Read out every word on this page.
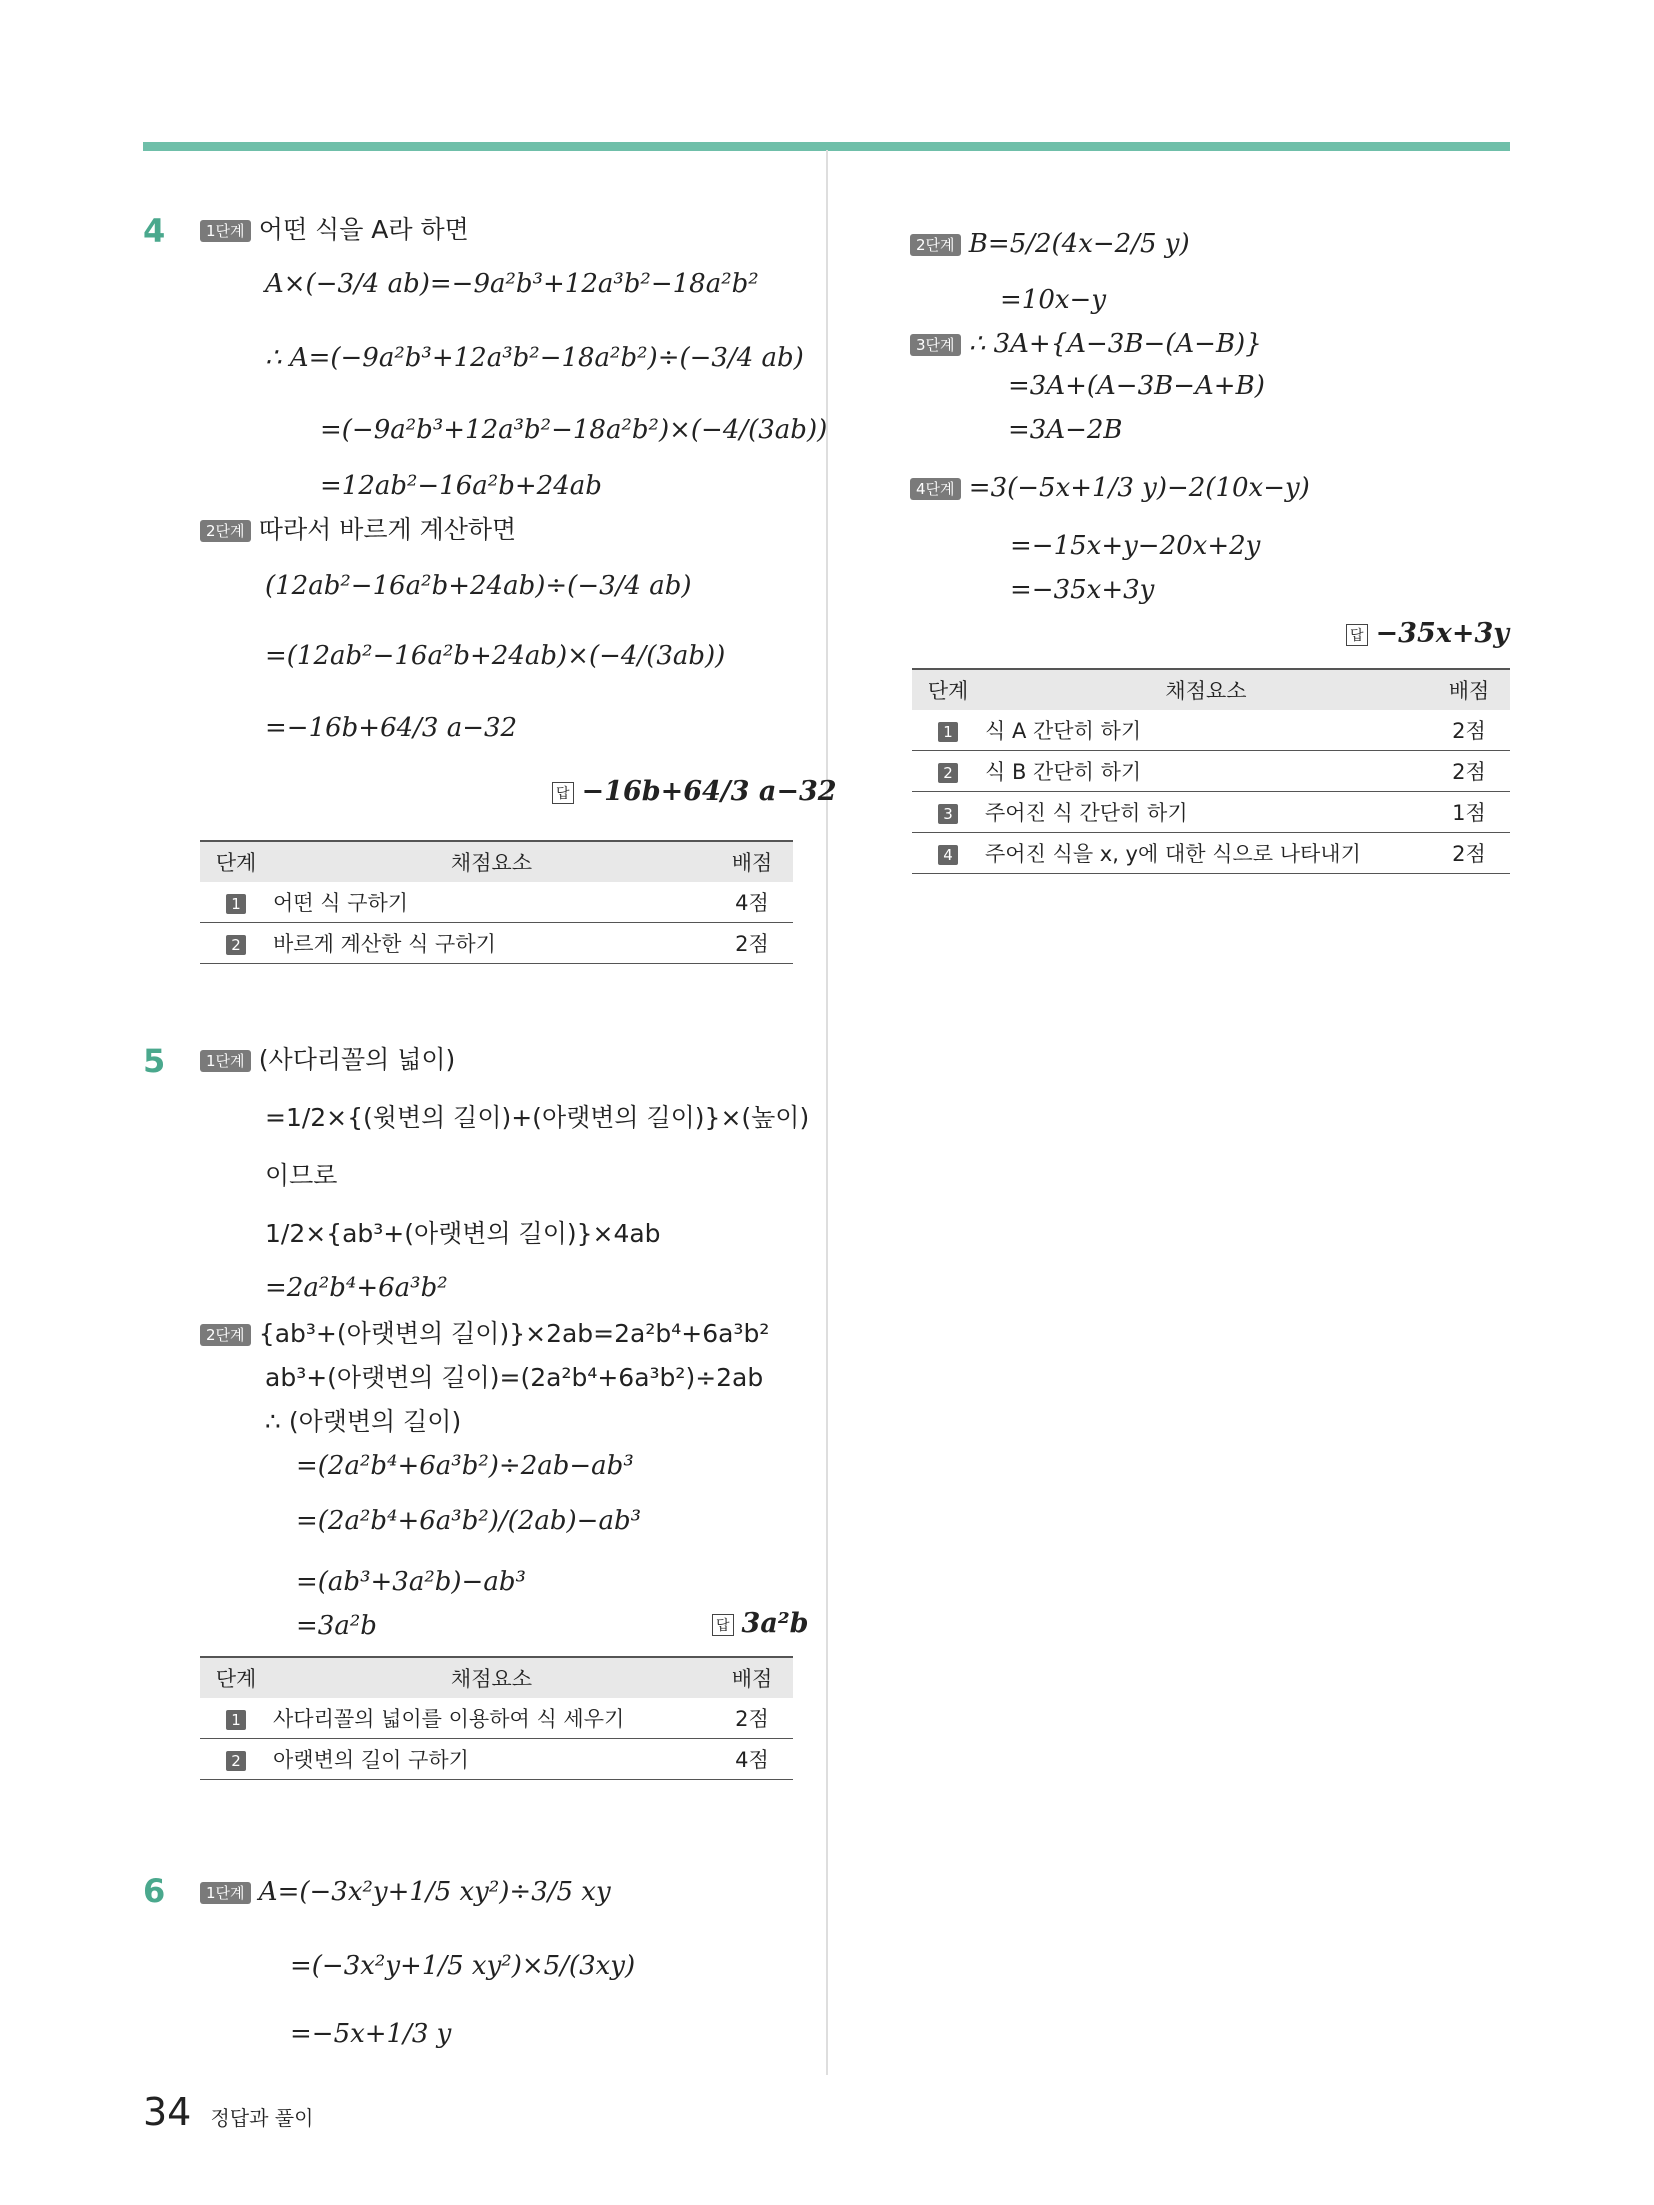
4	1단계 어떤 식을 A라 하면
A×(−3/4 ab)=−9a²b³+12a³b²−18a²b²
∴ A=(−9a²b³+12a³b²−18a²b²)÷(−3/4 ab)
=(−9a²b³+12a³b²−18a²b²)×(−4/(3ab))
=12ab²−16a²b+24ab
2단계 따라서 바르게 계산하면
(12ab²−16a²b+24ab)÷(−3/4 ab)
=(12ab²−16a²b+24ab)×(−4/(3ab))
=−16b+64/3 a−32
답 −16b+64/3 a−32
단계	채점요소	배점
1	어떤 식 구하기	4점
2	바르게 계산한 식 구하기	2점
5	1단계 (사다리꼴의 넓이)
=1/2×{(윗변의 길이)+(아랫변의 길이)}×(높이)
이므로
1/2×{ab³+(아랫변의 길이)}×4ab
=2a²b⁴+6a³b²
2단계 {ab³+(아랫변의 길이)}×2ab=2a²b⁴+6a³b²
ab³+(아랫변의 길이)=(2a²b⁴+6a³b²)÷2ab
∴ (아랫변의 길이)
=(2a²b⁴+6a³b²)÷2ab−ab³
=(2a²b⁴+6a³b²)/(2ab)−ab³
=(ab³+3a²b)−ab³
=3a²b	답 3a²b
단계	채점요소	배점
1	사다리꼴의 넓이를 이용하여 식 세우기	2점
2	아랫변의 길이 구하기	4점
6	1단계 A=(−3x²y+1/5 xy²)÷3/5 xy
=(−3x²y+1/5 xy²)×5/(3xy)
=−5x+1/3 y
2단계 B=5/2(4x−2/5 y)
=10x−y
3단계 ∴ 3A+{A−3B−(A−B)}
=3A+(A−3B−A+B)
=3A−2B
4단계 =3(−5x+1/3 y)−2(10x−y)
=−15x+y−20x+2y
=−35x+3y
답 −35x+3y
단계	채점요소	배점
1	식 A 간단히 하기	2점
2	식 B 간단히 하기	2점
3	주어진 식 간단히 하기	1점
4	주어진 식을 x, y에 대한 식으로 나타내기	2점
34 정답과 풀이
